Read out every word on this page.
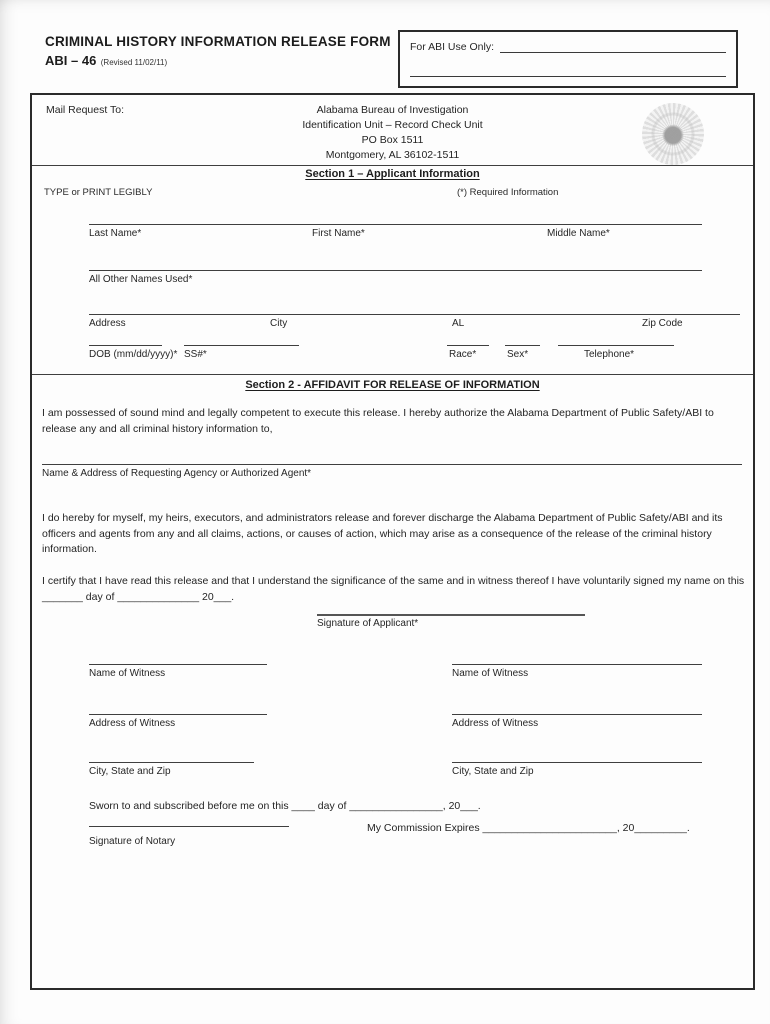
CRIMINAL HISTORY INFORMATION RELEASE FORM
ABI – 46 (Revised 11/02/11)
For ABI Use Only:
Mail Request To:	Alabama Bureau of Investigation
Identification Unit – Record Check Unit
PO Box 1511
Montgomery, AL 36102-1511
Section 1 – Applicant Information
TYPE or PRINT LEGIBLY	(*) Required Information
Last Name*	First Name*	Middle Name*
All Other Names Used*
Address	City	AL	Zip Code
DOB (mm/dd/yyyy)* SS#*	Race*	Sex*	Telephone*
Section 2 - AFFIDAVIT FOR RELEASE OF INFORMATION
I am possessed of sound mind and legally competent to execute this release. I hereby authorize the Alabama Department of Public Safety/ABI to release any and all criminal history information to,
Name & Address of Requesting Agency or Authorized Agent*
I do hereby for myself, my heirs, executors, and administrators release and forever discharge the Alabama Department of Public Safety/ABI and its officers and agents from any and all claims, actions, or causes of action, which may arise as a consequence of the release of the criminal history information.
I certify that I have read this release and that I understand the significance of the same and in witness thereof I have voluntarily signed my name on this _______ day of ______________ 20___.
Signature of Applicant*
Name of Witness	Name of Witness
Address of Witness	Address of Witness
City, State and Zip	City, State and Zip
Sworn to and subscribed before me on this ____ day of ________________, 20___.
My Commission Expires _______________________, 20_________.
Signature of Notary
